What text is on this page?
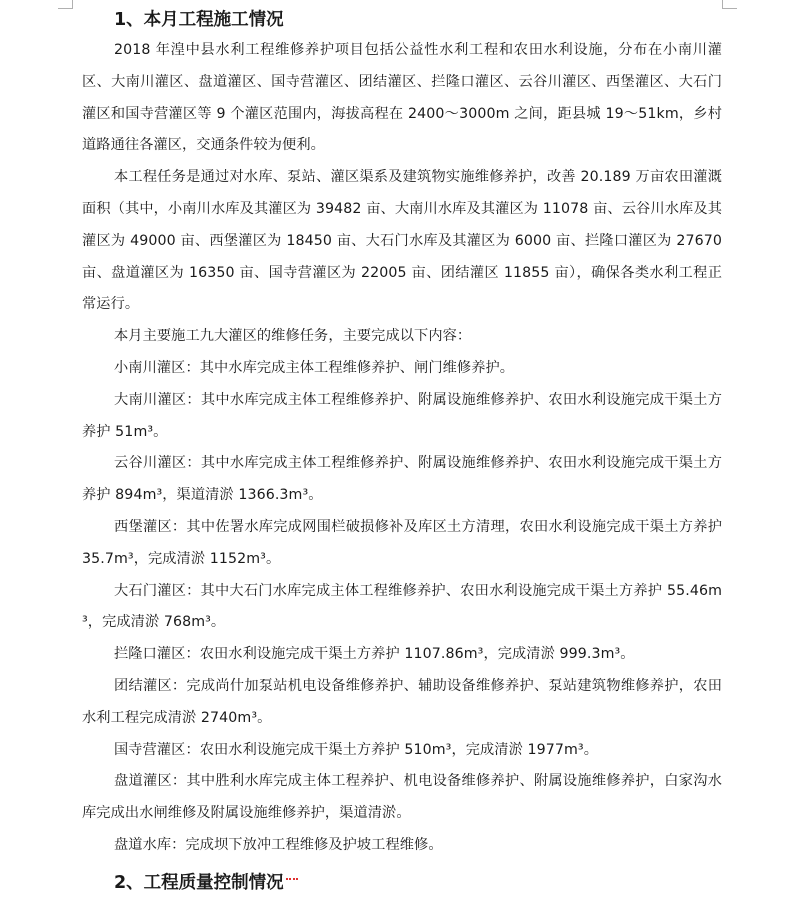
1、本月工程施工情况

2018 年湟中县水利工程维修养护项目包括公益性水利工程和农田水利设施，分布在小南川灌区、大南川灌区、盘道灌区、国寺营灌区、团结灌区、拦隆口灌区、云谷川灌区、西堡灌区、大石门灌区和国寺营灌区等 9 个灌区范围内，海拔高程在 2400～3000m 之间，距县城 19～51km，乡村道路通往各灌区，交通条件较为便利。

本工程任务是通过对水库、泵站、灌区渠系及建筑物实施维修养护，改善 20.189 万亩农田灌溉面积（其中，小南川水库及其灌区为 39482 亩、大南川水库及其灌区为 11078 亩、云谷川水库及其灌区为 49000 亩、西堡灌区为 18450 亩、大石门水库及其灌区为 6000 亩、拦隆口灌区为 27670 亩、盘道灌区为 16350 亩、国寺营灌区为 22005 亩、团结灌区 11855 亩），确保各类水利工程正常运行。

本月主要施工九大灌区的维修任务，主要完成以下内容：

小南川灌区：其中水库完成主体工程维修养护、闸门维修养护。

大南川灌区：其中水库完成主体工程维修养护、附属设施维修养护、农田水利设施完成干渠土方养护 51m³。

云谷川灌区：其中水库完成主体工程维修养护、附属设施维修养护、农田水利设施完成干渠土方养护 894m³，渠道清淤 1366.3m³。

西堡灌区：其中佐署水库完成网围栏破损修补及库区土方清理，农田水利设施完成干渠土方养护 35.7m³，完成清淤 1152m³。

大石门灌区：其中大石门水库完成主体工程维修养护、农田水利设施完成干渠土方养护 55.46m³，完成清淤 768m³。

拦隆口灌区：农田水利设施完成干渠土方养护 1107.86m³，完成清淤 999.3m³。

团结灌区：完成尚什加泵站机电设备维修养护、辅助设备维修养护、泵站建筑物维修养护，农田水利工程完成清淤 2740m³。

国寺营灌区：农田水利设施完成干渠土方养护 510m³，完成清淤 1977m³。

盘道灌区：其中胜利水库完成主体工程养护、机电设备维修养护、附属设施维修养护，白家沟水库完成出水闸维修及附属设施维修养护，渠道清淤。

盘道水库：完成坝下放冲工程维修及护坡工程维修。

2、工程质量控制情况
